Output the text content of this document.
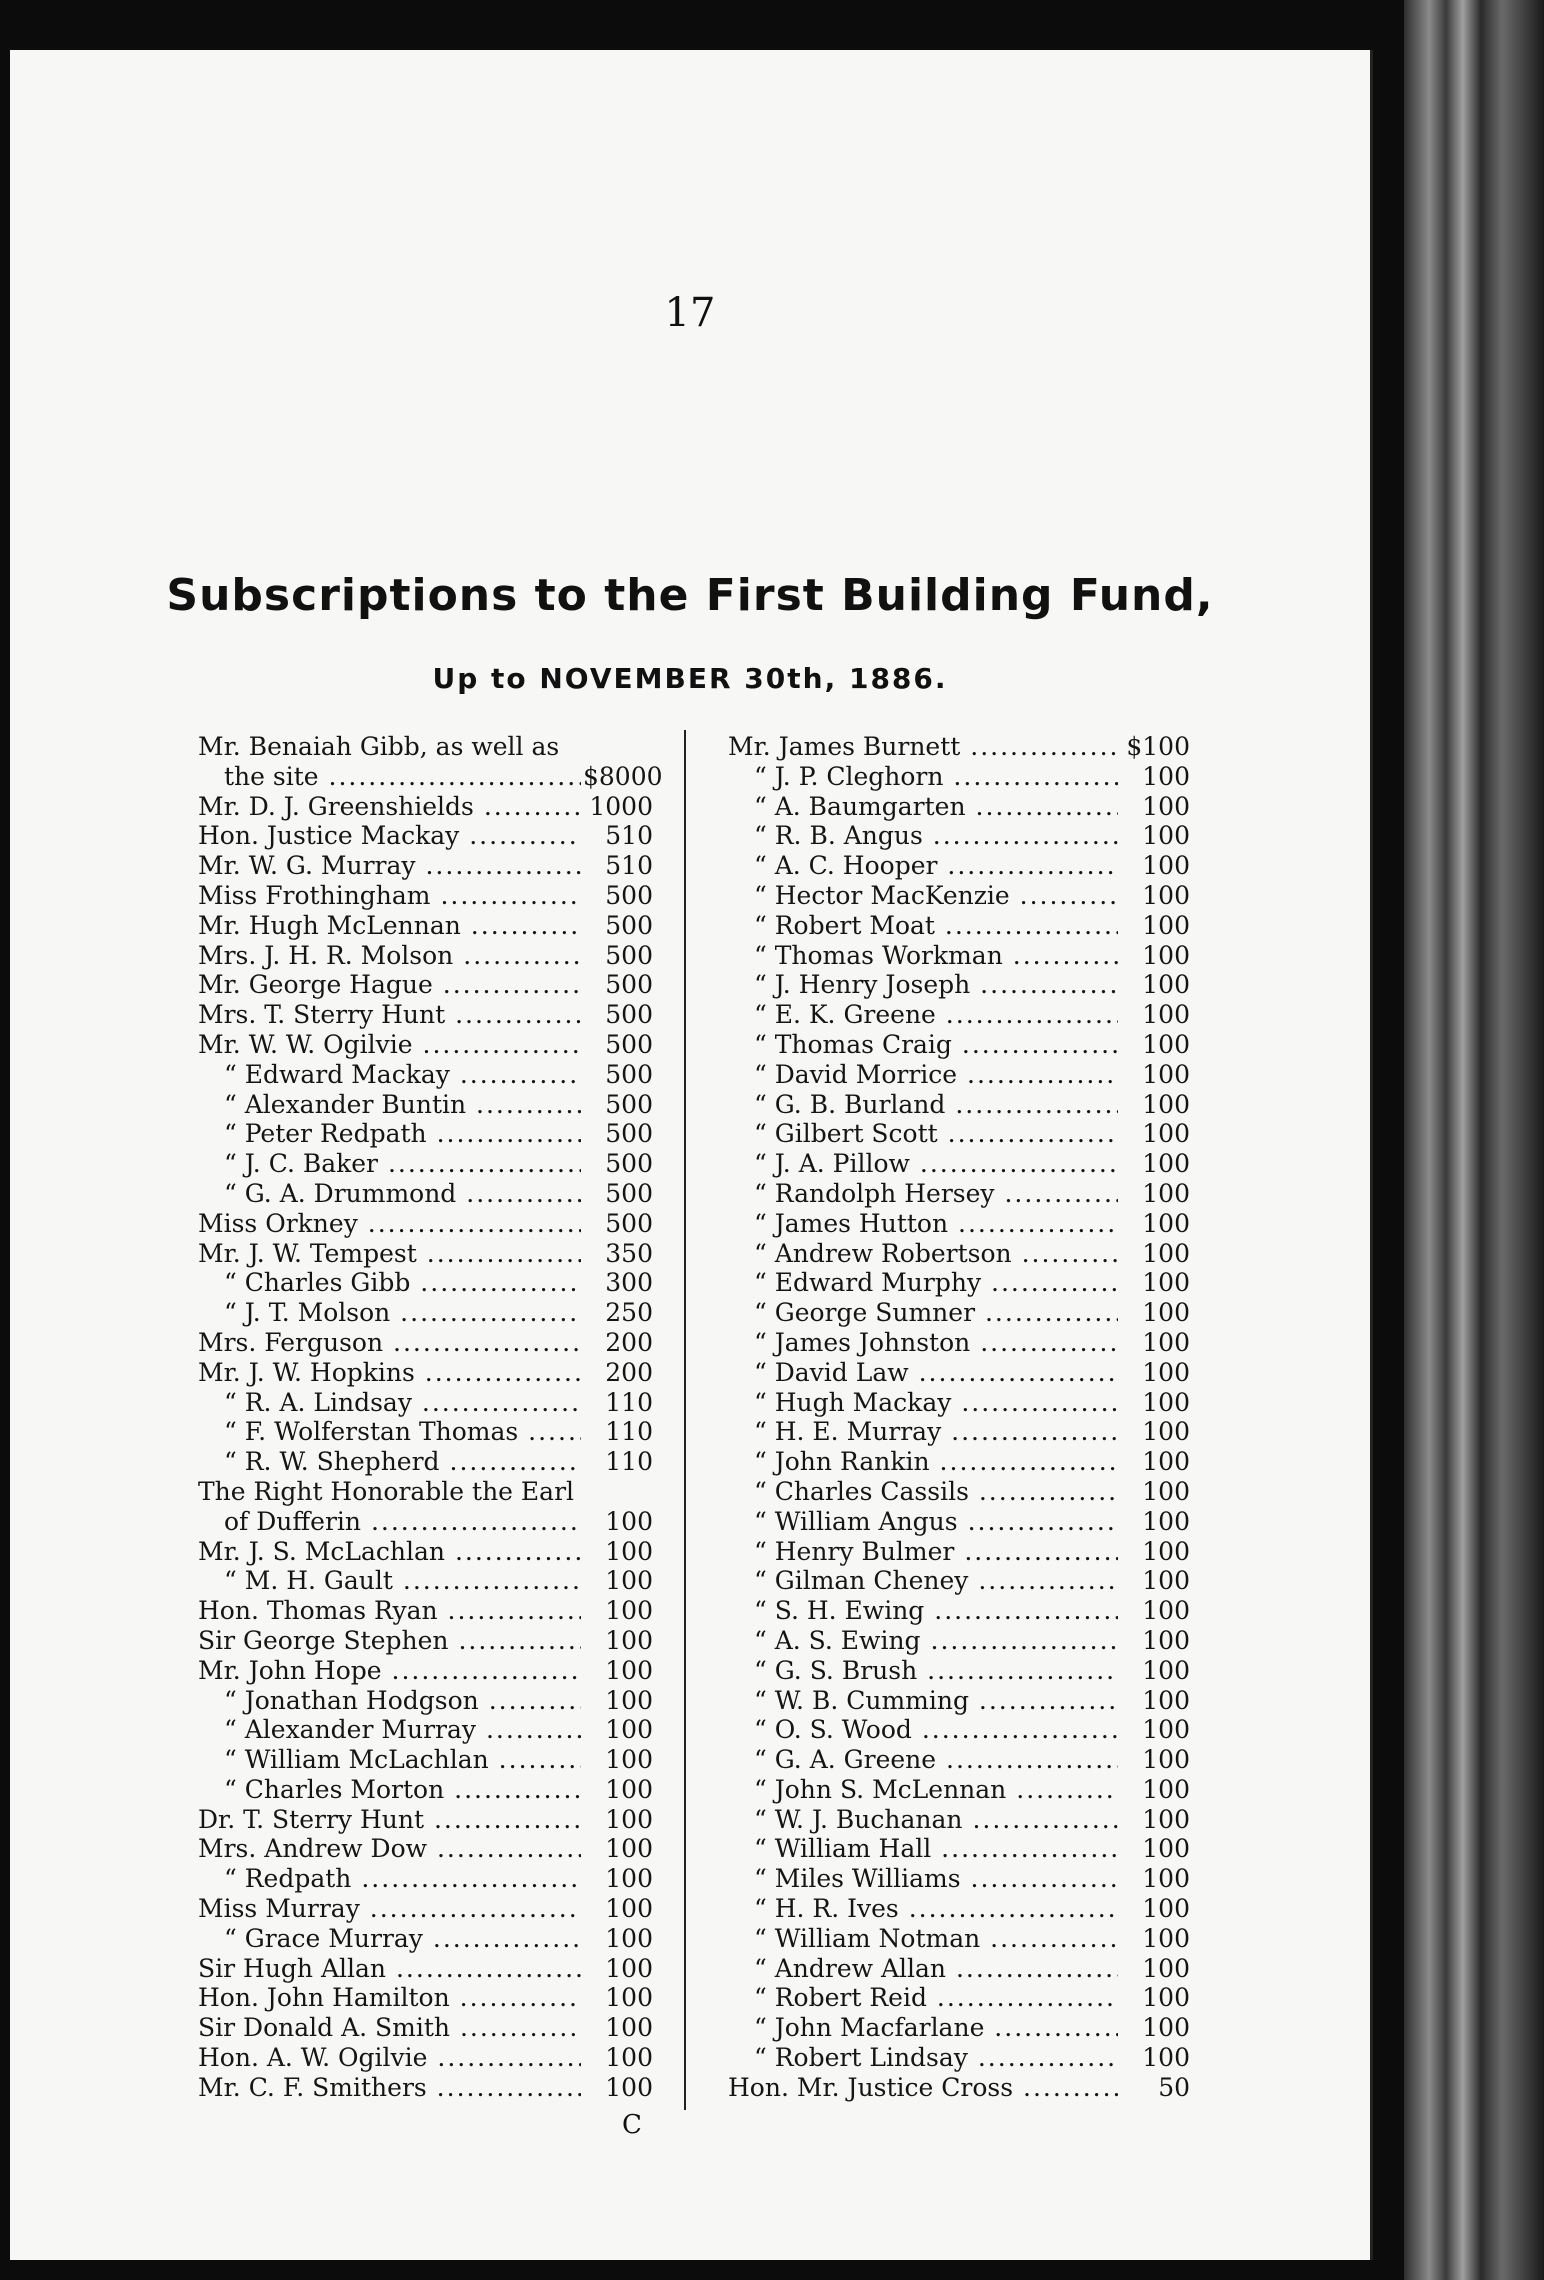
17
Subscriptions to the First Building Fund,
Up to NOVEMBER 30th, 1886.
Mr. Benaiah Gibb, as well as
the site .....	$8000
Mr. D. J. Greenshields .....	1000
Hon. Justice Mackay .....	510
Mr. W. G. Murray .....	510
Miss Frothingham .....	500
Mr. Hugh McLennan .....	500
Mrs. J. H. R. Molson .....	500
Mr. George Hague .....	500
Mrs. T. Sterry Hunt .....	500
Mr. W. W. Ogilvie .....	500
“ Edward Mackay .....	500
“ Alexander Buntin .....	500
“ Peter Redpath .....	500
“ J. C. Baker .....	500
“ G. A. Drummond .....	500
Miss Orkney .....	500
Mr. J. W. Tempest .....	350
“ Charles Gibb .....	300
“ J. T. Molson .....	250
Mrs. Ferguson .....	200
Mr. J. W. Hopkins .....	200
“ R. A. Lindsay .....	110
“ F. Wolferstan Thomas .....	110
“ R. W. Shepherd .....	110
The Right Honorable the Earl
of Dufferin .....	100
Mr. J. S. McLachlan .....	100
“ M. H. Gault .....	100
Hon. Thomas Ryan .....	100
Sir George Stephen .....	100
Mr. John Hope .....	100
“ Jonathan Hodgson .....	100
“ Alexander Murray .....	100
“ William McLachlan .....	100
“ Charles Morton .....	100
Dr. T. Sterry Hunt .....	100
Mrs. Andrew Dow .....	100
“ Redpath .....	100
Miss Murray .....	100
“ Grace Murray .....	100
Sir Hugh Allan .....	100
Hon. John Hamilton .....	100
Sir Donald A. Smith .....	100
Hon. A. W. Ogilvie .....	100
Mr. C. F. Smithers .....	100
Mr. James Burnett .....	$100
“ J. P. Cleghorn .....	100
“ A. Baumgarten .....	100
“ R. B. Angus .....	100
“ A. C. Hooper .....	100
“ Hector MacKenzie .....	100
“ Robert Moat .....	100
“ Thomas Workman .....	100
“ J. Henry Joseph .....	100
“ E. K. Greene .....	100
“ Thomas Craig .....	100
“ David Morrice .....	100
“ G. B. Burland .....	100
“ Gilbert Scott .....	100
“ J. A. Pillow .....	100
“ Randolph Hersey .....	100
“ James Hutton .....	100
“ Andrew Robertson .....	100
“ Edward Murphy .....	100
“ George Sumner .....	100
“ James Johnston .....	100
“ David Law .....	100
“ Hugh Mackay .....	100
“ H. E. Murray .....	100
“ John Rankin .....	100
“ Charles Cassils .....	100
“ William Angus .....	100
“ Henry Bulmer .....	100
“ Gilman Cheney .....	100
“ S. H. Ewing .....	100
“ A. S. Ewing .....	100
“ G. S. Brush .....	100
“ W. B. Cumming .....	100
“ O. S. Wood .....	100
“ G. A. Greene .....	100
“ John S. McLennan .....	100
“ W. J. Buchanan .....	100
“ William Hall .....	100
“ Miles Williams .....	100
“ H. R. Ives .....	100
“ William Notman .....	100
“ Andrew Allan .....	100
“ Robert Reid .....	100
“ John Macfarlane .....	100
“ Robert Lindsay .....	100
Hon. Mr. Justice Cross .....	50
C
